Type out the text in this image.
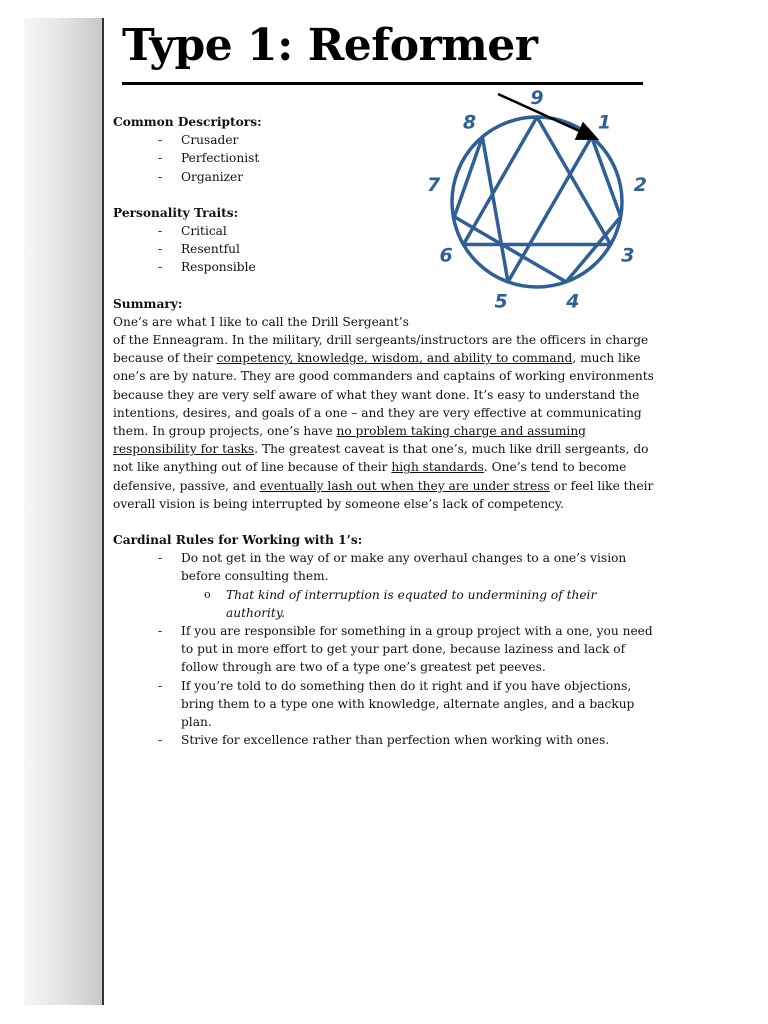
Type 1: Reformer
9
1
2
3
4
5
6
7
8

Common Descriptors:

- Crusader
- Perfectionist
- Organizer

Personality Traits:

- Critical
- Resentful
- Responsible

Summary:

One’s are what I like to call the Drill Sergeant’s

of the Enneagram. In the military, drill sergeants/instructors are the officers in charge because of their competency, knowledge, wisdom, and ability to command, much like one’s are by nature. They are good commanders and captains of working environments because they are very self aware of what they want done. It’s easy to understand the intentions, desires, and goals of a one – and they are very effective at communicating them. In group projects, one’s have no problem taking charge and assuming responsibility for tasks. The greatest caveat is that one’s, much like drill sergeants, do not like anything out of line because of their high standards. One’s tend to become defensive, passive, and eventually lash out when they are under stress or feel like their overall vision is being interrupted by someone else’s lack of competency.

Cardinal Rules for Working with 1’s:

- Do not get in the way of or make any overhaul changes to a one’s vision before consulting them.
o That kind of interruption is equated to undermining of their authority.
- If you are responsible for something in a group project with a one, you need to put in more effort to get your part done, because laziness and lack of follow through are two of a type one’s greatest pet peeves.
- If you’re told to do something then do it right and if you have objections, bring them to a type one with knowledge, alternate angles, and a backup plan.
- Strive for excellence rather than perfection when working with ones.
